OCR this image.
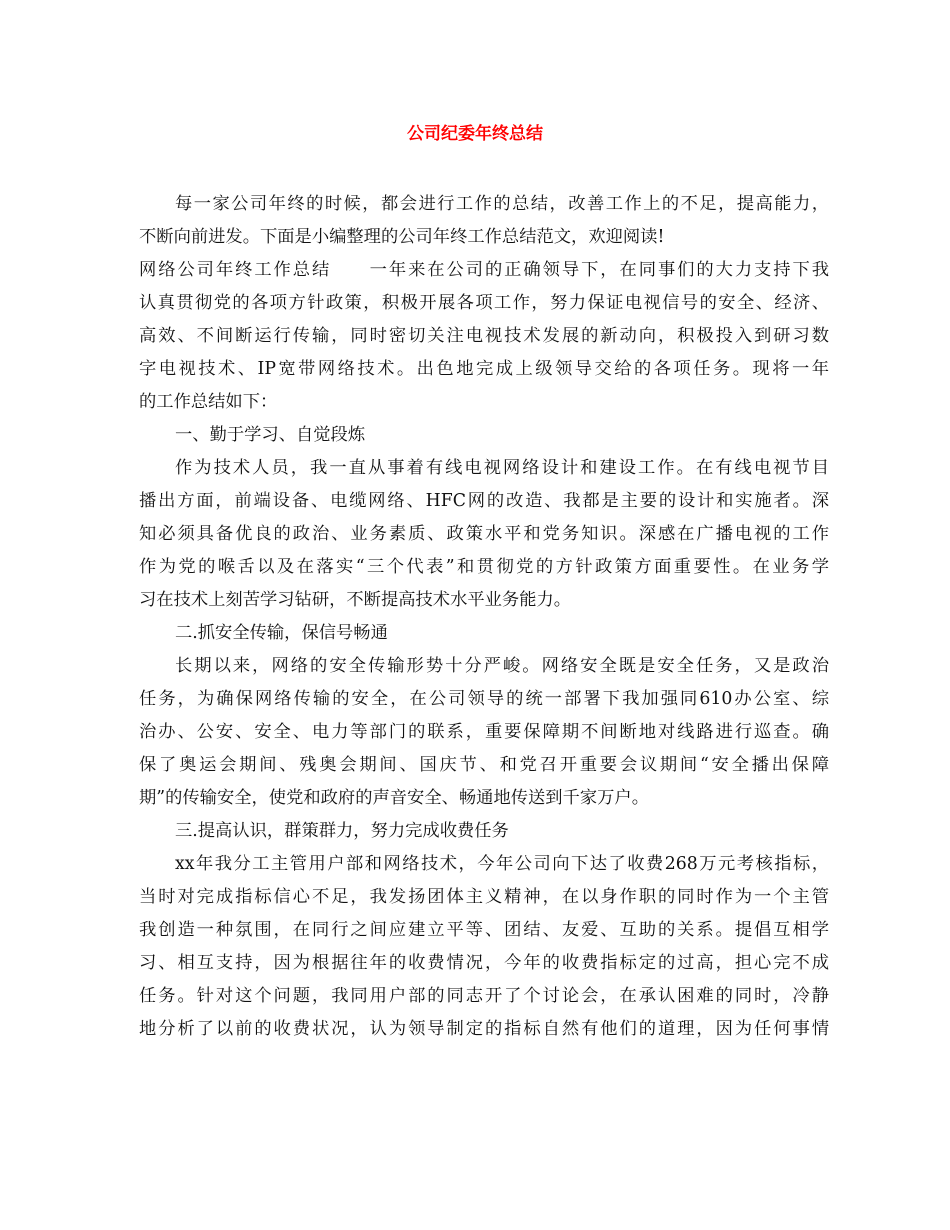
公司纪委年终总结
每一家公司年终的时候，都会进行工作的总结，改善工作上的不足，提高能力，
不断向前进发。下面是小编整理的公司年终工作总结范文，欢迎阅读!
网络公司年终工作总结　　一年来在公司的正确领导下，在同事们的大力支持下我
认真贯彻党的各项方针政策，积极开展各项工作，努力保证电视信号的安全、经济、
高效、不间断运行传输，同时密切关注电视技术发展的新动向，积极投入到研习数
字电视技术、IP宽带网络技术。出色地完成上级领导交给的各项任务。现将一年
的工作总结如下：
一、勤于学习、自觉段炼
作为技术人员，我一直从事着有线电视网络设计和建设工作。在有线电视节目
播出方面，前端设备、电缆网络、HFC网的改造、我都是主要的设计和实施者。深
知必须具备优良的政治、业务素质、政策水平和党务知识。深感在广播电视的工作
作为党的喉舌以及在落实“三个代表”和贯彻党的方针政策方面重要性。在业务学
习在技术上刻苦学习钻研，不断提高技术水平业务能力。
二.抓安全传输，保信号畅通
长期以来，网络的安全传输形势十分严峻。网络安全既是安全任务，又是政治
任务，为确保网络传输的安全，在公司领导的统一部署下我加强同610办公室、综
治办、公安、安全、电力等部门的联系，重要保障期不间断地对线路进行巡查。确
保了奥运会期间、残奥会期间、国庆节、和党召开重要会议期间“安全播出保障
期”的传输安全，使党和政府的声音安全、畅通地传送到千家万户。
三.提高认识，群策群力，努力完成收费任务
xx年我分工主管用户部和网络技术，今年公司向下达了收费268万元考核指标，
当时对完成指标信心不足，我发扬团体主义精神，在以身作职的同时作为一个主管
我创造一种氛围，在同行之间应建立平等、团结、友爱、互助的关系。提倡互相学
习、相互支持，因为根据往年的收费情况，今年的收费指标定的过高，担心完不成
任务。针对这个问题，我同用户部的同志开了个讨论会，在承认困难的同时，冷静
地分析了以前的收费状况，认为领导制定的指标自然有他们的道理，因为任何事情
